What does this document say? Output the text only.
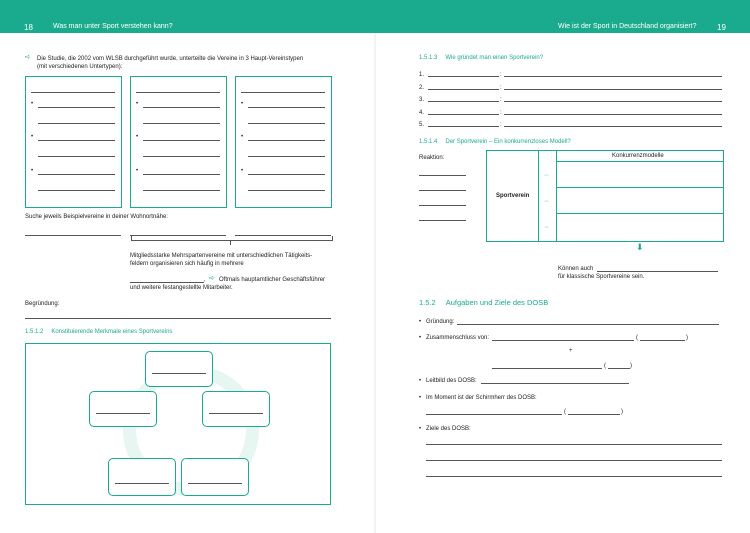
18	Was man unter Sport verstehen kann?	Wie ist der Sport in Deutschland organisiert?	19
➪ Die Studie, die 2002 vom WLSB durchgeführt wurde, unterteilte die Vereine in 3 Haupt-Vereinstypen
(mit verschiedenen Untertypen):
•
•
•
•
•
•
•
•
•
Suche jeweils Beispielvereine in deiner Wohnortnähe:
Mitgliedsstarke Mehrspartenvereine mit unterschiedlichen Tätigkeits-
feldern organisieren sich häufig in mehrere
, ➪ Oftmals hauptamtlicher Geschäftsführer
und weitere festangestellte Mitarbeiter.
Begründung:
1.5.1.2 Konstituierende Merkmale eines Sportvereins
1.5.1.3 Wie gründet man einen Sportverein?
1.	:
2.	:
3.	:
4.	:
5.	:
1.5.1.4 Der Sportverein – Ein konkurrenzloses Modell?
Reaktion:
Sportverein
Konkurrenzmodelle
⇔
⇔
⇔
⬇
Können auch
für klassische Sportvereine sein.
1.5.2 Aufgaben und Ziele des DOSB
• Gründung:
• Zusammenschluss von:	(	)
+
(	)
• Leitbild des DOSB:
• Im Moment ist der Schirmherr des DOSB:
(	)
• Ziele des DOSB:
